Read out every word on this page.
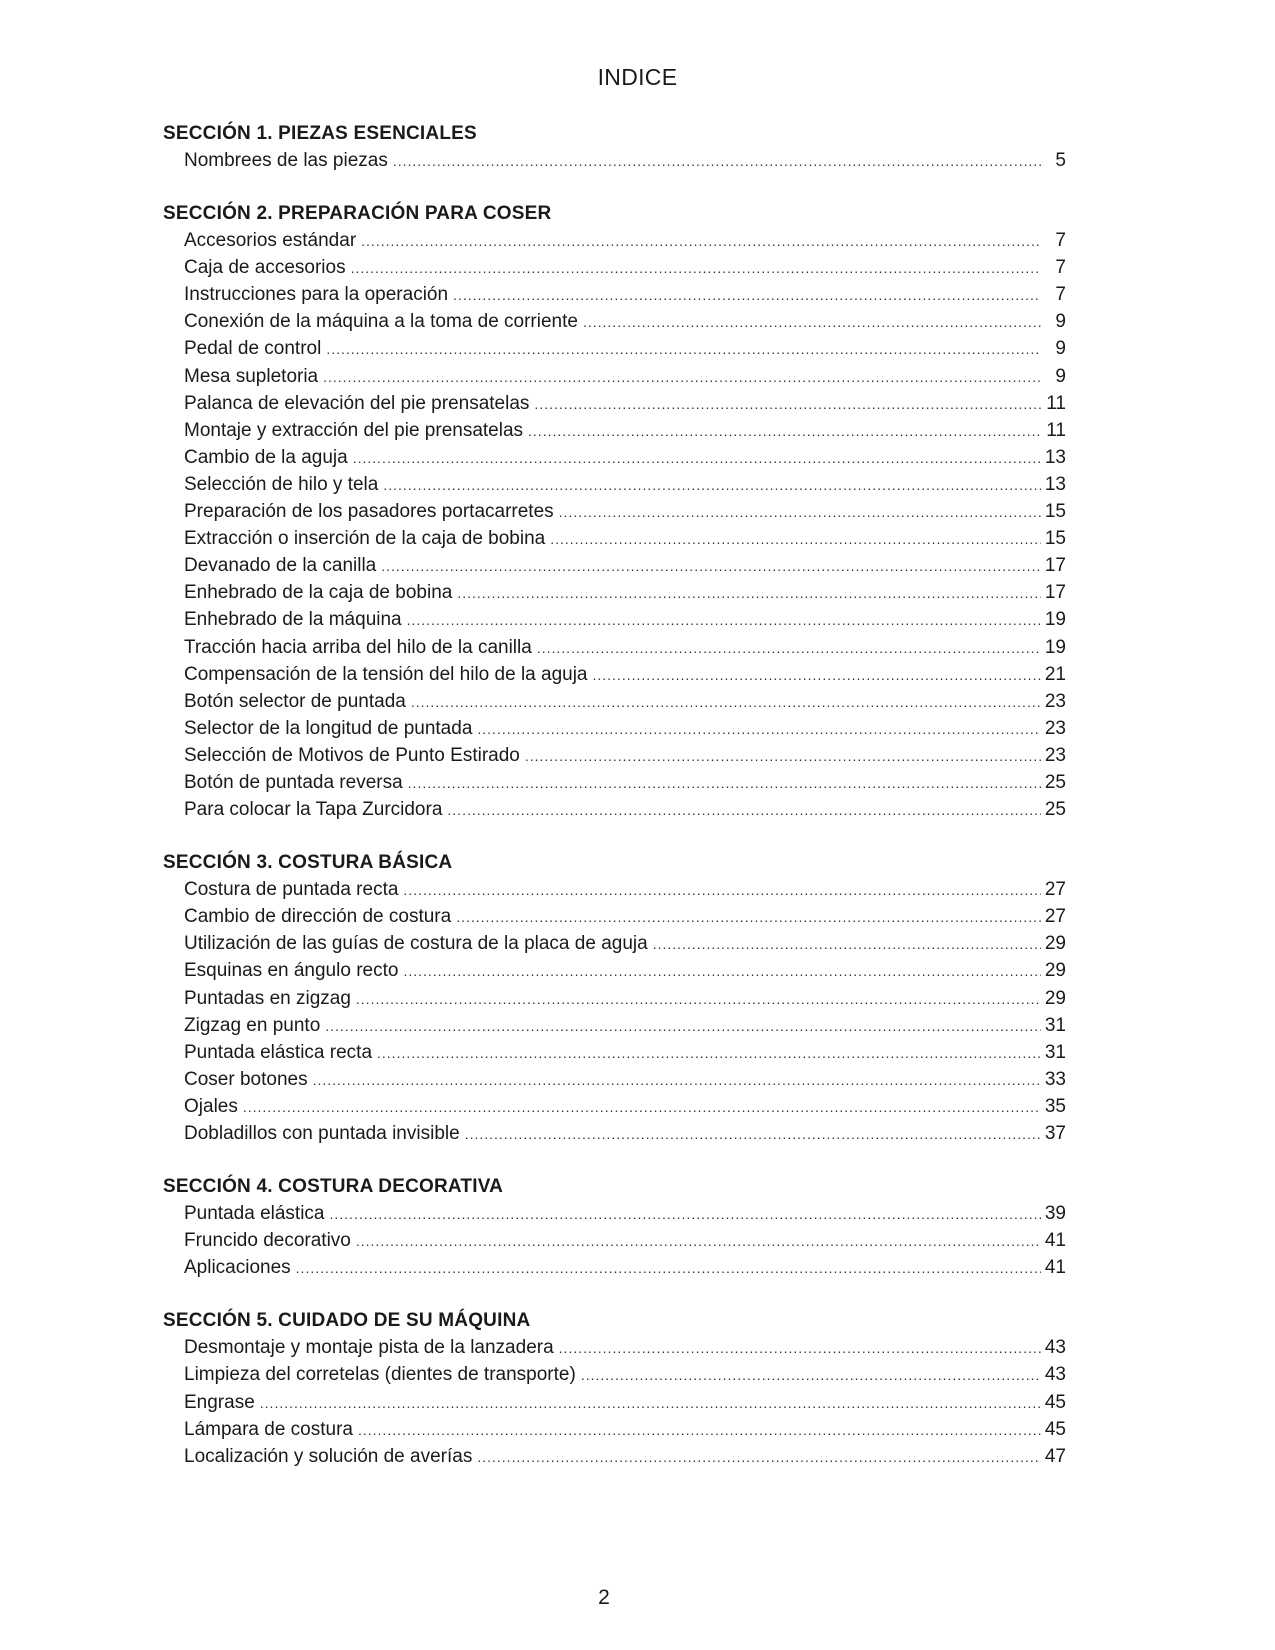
INDICE
SECCIÓN 1. PIEZAS ESENCIALES
Nombrees de las piezas .....	5
SECCIÓN 2. PREPARACIÓN PARA COSER
Accesorios estándar .....	7
Caja de accesorios .....	7
Instrucciones para la operación .....	7
Conexión de la máquina a la toma de corriente .....	9
Pedal de control .....	9
Mesa supletoria .....	9
Palanca de elevación del pie prensatelas .....	11
Montaje y extracción del pie prensatelas .....	11
Cambio de la aguja .....	13
Selección de hilo y tela .....	13
Preparación de los pasadores portacarretes .....	15
Extracción o inserción de la caja de bobina .....	15
Devanado de la canilla .....	17
Enhebrado de la caja de bobina .....	17
Enhebrado de la máquina .....	19
Tracción hacia arriba del hilo de la canilla .....	19
Compensación de la tensión del hilo de la aguja .....	21
Botón selector de puntada .....	23
Selector de la longitud de puntada .....	23
Selección de Motivos de Punto Estirado .....	23
Botón de puntada reversa .....	25
Para colocar la Tapa Zurcidora .....	25
SECCIÓN 3. COSTURA BÁSICA
Costura de puntada recta .....	27
Cambio de dirección de costura .....	27
Utilización de las guías de costura de la placa de aguja .....	29
Esquinas en ángulo recto .....	29
Puntadas en zigzag .....	29
Zigzag en punto .....	31
Puntada elástica recta .....	31
Coser botones .....	33
Ojales .....	35
Dobladillos con puntada invisible .....	37
SECCIÓN 4. COSTURA DECORATIVA
Puntada elástica .....	39
Fruncido decorativo .....	41
Aplicaciones .....	41
SECCIÓN 5. CUIDADO DE SU MÁQUINA
Desmontaje y montaje pista de la lanzadera .....	43
Limpieza del corretelas (dientes de transporte) .....	43
Engrase .....	45
Lámpara de costura .....	45
Localización y solución de averías .....	47
2
